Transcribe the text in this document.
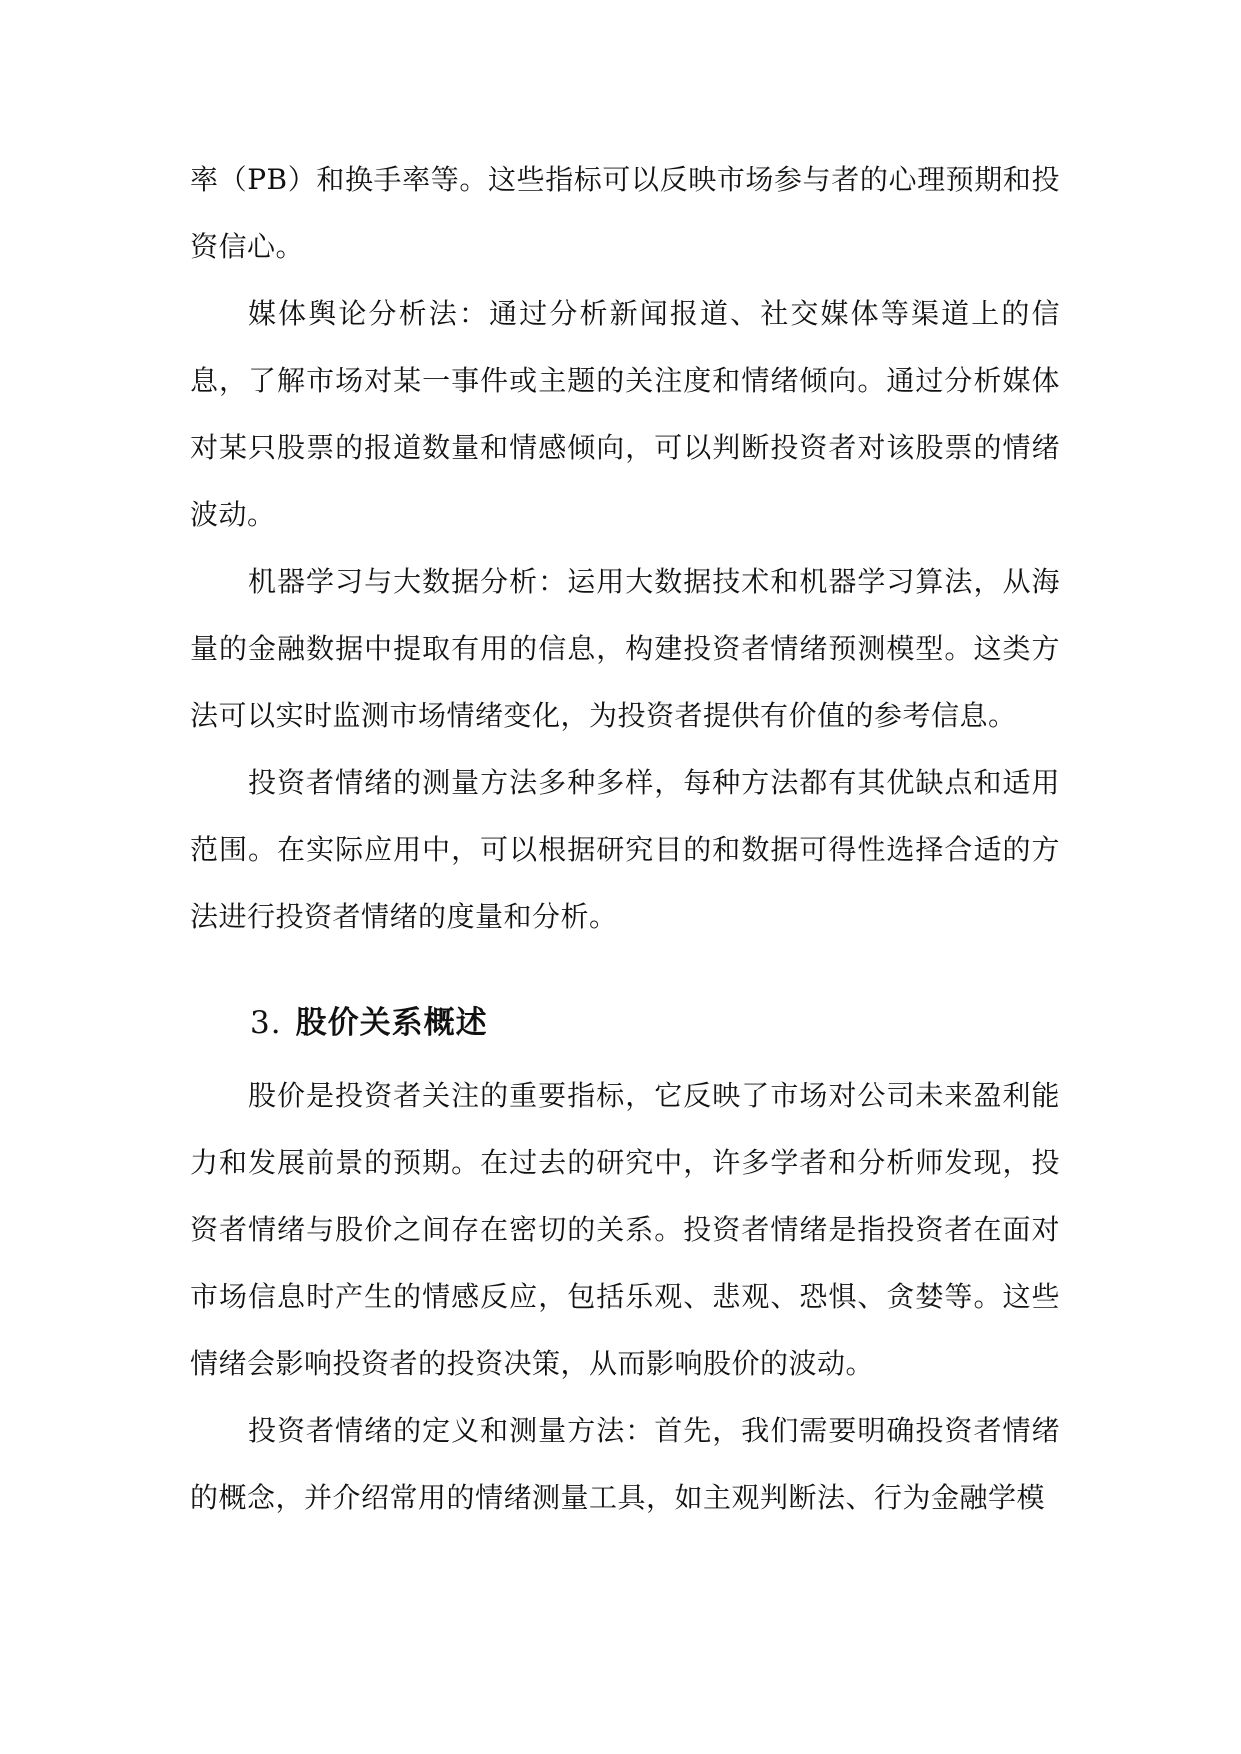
率（PB）和换手率等。这些指标可以反映市场参与者的心理预期和投资信心。

媒体舆论分析法：通过分析新闻报道、社交媒体等渠道上的信息，了解市场对某一事件或主题的关注度和情绪倾向。通过分析媒体对某只股票的报道数量和情感倾向，可以判断投资者对该股票的情绪波动。

机器学习与大数据分析：运用大数据技术和机器学习算法，从海量的金融数据中提取有用的信息，构建投资者情绪预测模型。这类方法可以实时监测市场情绪变化，为投资者提供有价值的参考信息。

投资者情绪的测量方法多种多样，每种方法都有其优缺点和适用范围。在实际应用中，可以根据研究目的和数据可得性选择合适的方法进行投资者情绪的度量和分析。

3. 股价关系概述

股价是投资者关注的重要指标，它反映了市场对公司未来盈利能力和发展前景的预期。在过去的研究中，许多学者和分析师发现，投资者情绪与股价之间存在密切的关系。投资者情绪是指投资者在面对市场信息时产生的情感反应，包括乐观、悲观、恐惧、贪婪等。这些情绪会影响投资者的投资决策，从而影响股价的波动。

投资者情绪的定义和测量方法：首先，我们需要明确投资者情绪的概念，并介绍常用的情绪测量工具，如主观判断法、行为金融学模
